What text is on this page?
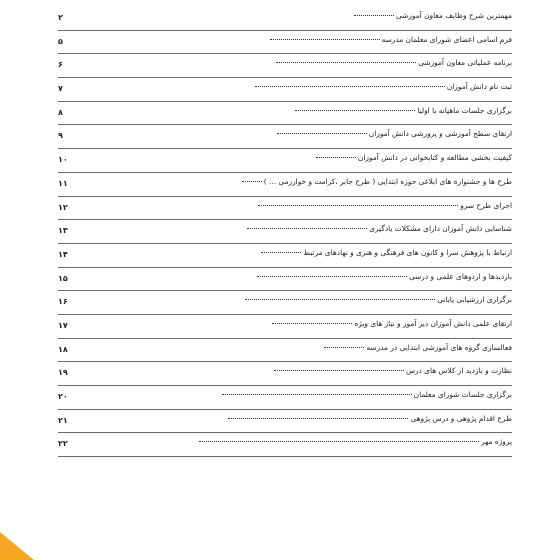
مهمترین شرح وظایف معاون آموزشی
۲
فرم اسامی اعضای شورای معلمان مدرسه
۵
برنامه عملیاتی معاون آموزشی
۶
ثبت نام دانش آموزان
۷
برگزاری جلسات ماهیانه با اولیا
۸
ارتقای سطح آموزشی و پرورشی دانش آموزان
۹
کیفیت بخشی مطالعه و کتابخوانی در دانش آموزان
۱۰
طرح ها و جشنواره های ابلاغی حوزه ابتدایی ( طرح جابر ،کرامت و خوارزمی ... )
۱۱
اجرای طرح سرو
۱۲
شناسایی دانش آموزان دارای مشکلات یادگیری
۱۳
ارتباط با پژوهش سرا و کانون های فرهنگی و هنری و نهادهای مرتبط
۱۴
بازدیدها و اردوهای علمی و درسی
۱۵
برگزاری ارزشیابی پایانی
۱۶
ارتقای علمی دانش آموزان دیر آموز و نیاز های ویژه
۱۷
فعالسازی گروه های آموزشی ابتدایی در مدرسه
۱۸
نظارت و بازدید از کلاس های درس
۱۹
برگزاری جلسات شورای معلمان
۲۰
طرح اقدام پژوهی و درس پژوهی
۲۱
پروژه مهر
۲۲
